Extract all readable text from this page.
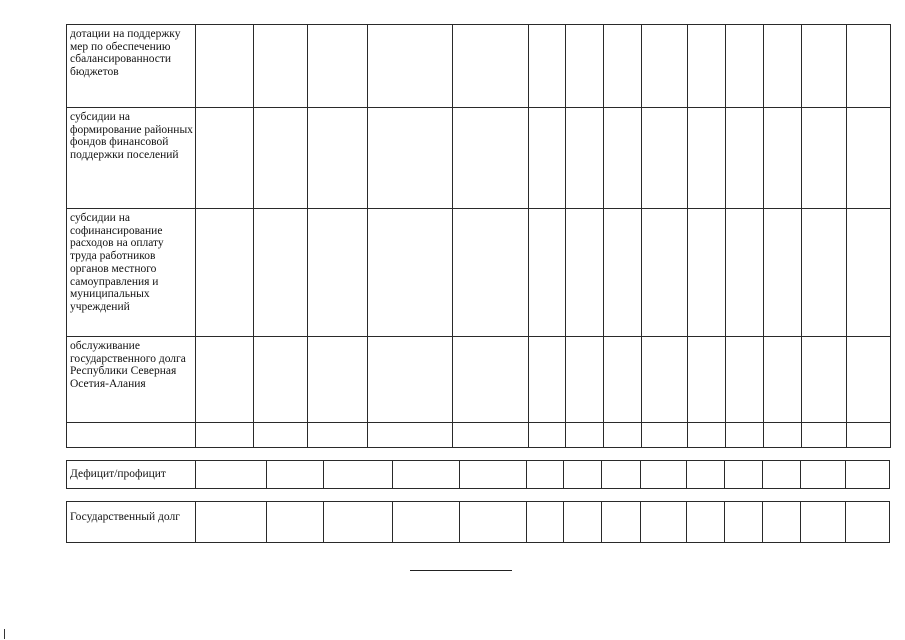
дотации на поддержку мер по обеспечению сбалансированности бюджетов														
субсидии на формирование районных фондов финансовой поддержки поселений														
субсидии на софинансирование расходов на оплату труда работников органов местного самоуправления и муниципальных учреждений														
обслуживание государственного долга Республики Северная Осетия-Алания														

Дефицит/профицит														
Государственный долг														
